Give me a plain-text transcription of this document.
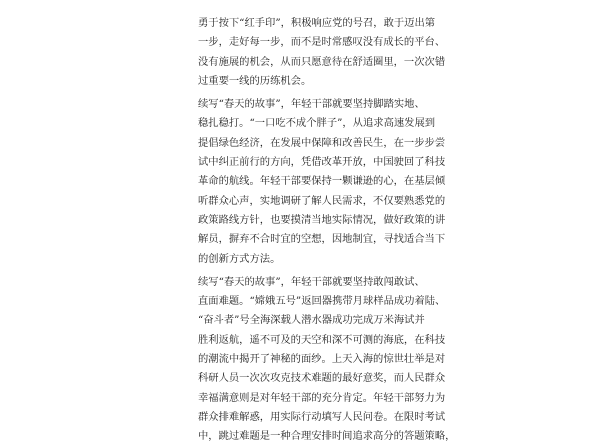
勇于按下“红手印”，积极响应党的号召，敢于迈出第
一步，走好每一步，而不是时常感叹没有成长的平台、
没有施展的机会，从而只愿意待在舒适圈里，一次次错
过重要一线的历练机会。
续写“春天的故事”，年轻干部就要坚持脚踏实地、
稳扎稳打。“一口吃不成个胖子”，从追求高速发展到
提倡绿色经济，在发展中保障和改善民生，在一步步尝
试中纠正前行的方向，凭借改革开放，中国驶回了科技
革命的航线。年轻干部要保持一颗谦逊的心，在基层倾
听群众心声，实地调研了解人民需求，不仅要熟悉党的
政策路线方针，也要摸清当地实际情况，做好政策的讲
解员，摒弃不合时宜的空想，因地制宜，寻找适合当下
的创新方式方法。
续写“春天的故事”，年轻干部就要坚持敢闯敢试、
直面难题。“嫦娥五号”返回器携带月球样品成功着陆、
“奋斗者”号全海深载人潜水器成功完成万米海试并
胜利返航，遥不可及的天空和深不可测的海底，在科技
的潮流中揭开了神秘的面纱。上天入海的惊世壮举是对
科研人员一次次攻克技术难题的最好意奖，而人民群众
幸福满意则是对年轻干部的充分肯定。年轻干部努力为
群众排难解惑，用实际行动填写人民问卷。在限时考试
中，跳过难题是一种合理安排时间追求高分的答题策略，
